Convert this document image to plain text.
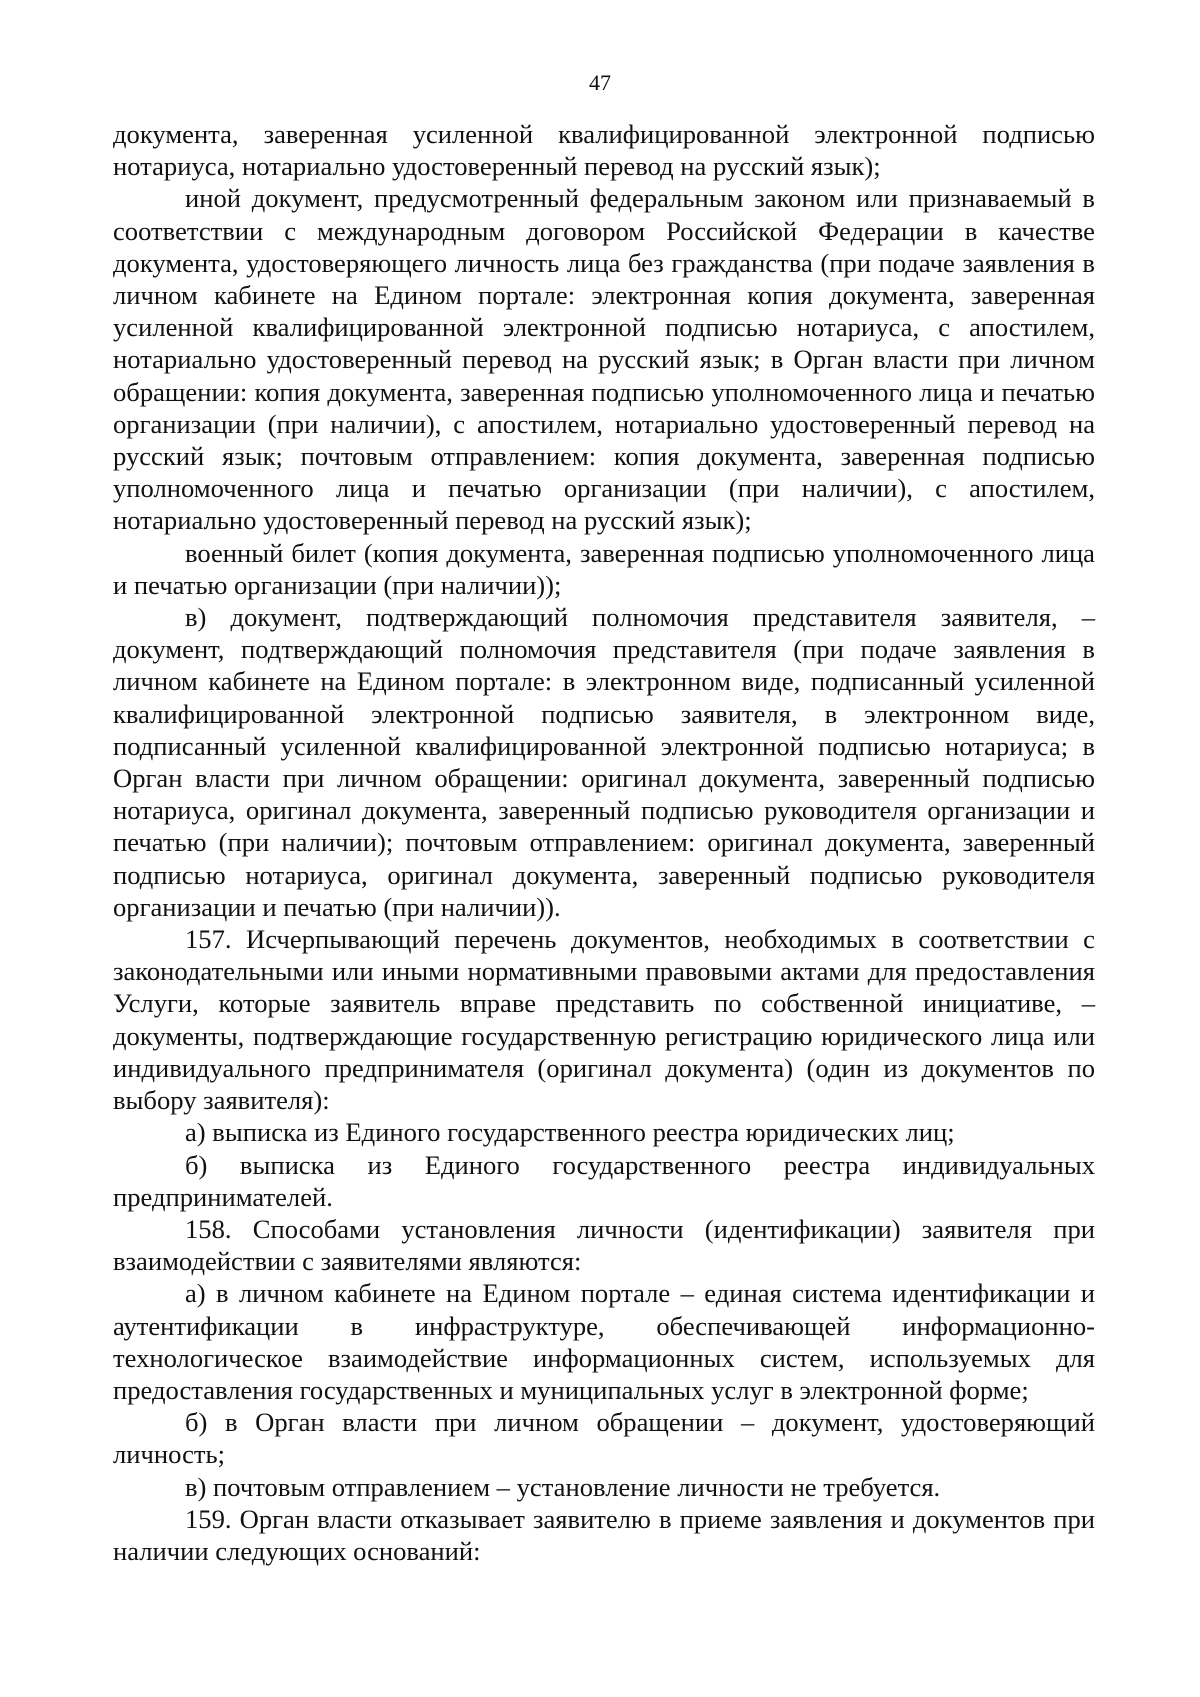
47

документа, заверенная усиленной квалифицированной электронной подписью нотариуса, нотариально удостоверенный перевод на русский язык);

иной документ, предусмотренный федеральным законом или признаваемый в соответствии с международным договором Российской Федерации в качестве документа, удостоверяющего личность лица без гражданства (при подаче заявления в личном кабинете на Едином портале: электронная копия документа, заверенная усиленной квалифицированной электронной подписью нотариуса, с апостилем, нотариально удостоверенный перевод на русский язык; в Орган власти при личном обращении: копия документа, заверенная подписью уполномоченного лица и печатью организации (при наличии), с апостилем, нотариально удостоверенный перевод на русский язык; почтовым отправлением: копия документа, заверенная подписью уполномоченного лица и печатью организации (при наличии), с апостилем, нотариально удостоверенный перевод на русский язык);

военный билет (копия документа, заверенная подписью уполномоченного лица и печатью организации (при наличии));

в) документ, подтверждающий полномочия представителя заявителя, – документ, подтверждающий полномочия представителя (при подаче заявления в личном кабинете на Едином портале: в электронном виде, подписанный усиленной квалифицированной электронной подписью заявителя, в электронном виде, подписанный усиленной квалифицированной электронной подписью нотариуса; в Орган власти при личном обращении: оригинал документа, заверенный подписью нотариуса, оригинал документа, заверенный подписью руководителя организации и печатью (при наличии); почтовым отправлением: оригинал документа, заверенный подписью нотариуса, оригинал документа, заверенный подписью руководителя организации и печатью (при наличии)).

157. Исчерпывающий перечень документов, необходимых в соответствии с законодательными или иными нормативными правовыми актами для предоставления Услуги, которые заявитель вправе представить по собственной инициативе, – документы, подтверждающие государственную регистрацию юридического лица или индивидуального предпринимателя (оригинал документа) (один из документов по выбору заявителя):

а) выписка из Единого государственного реестра юридических лиц;

б) выписка из Единого государственного реестра индивидуальных предпринимателей.

158. Способами установления личности (идентификации) заявителя при взаимодействии с заявителями являются:

а) в личном кабинете на Едином портале – единая система идентификации и аутентификации в инфраструктуре, обеспечивающей информационно-технологическое взаимодействие информационных систем, используемых для предоставления государственных и муниципальных услуг в электронной форме;

б) в Орган власти при личном обращении – документ, удостоверяющий личность;

в) почтовым отправлением – установление личности не требуется.

159. Орган власти отказывает заявителю в приеме заявления и документов при наличии следующих оснований:
